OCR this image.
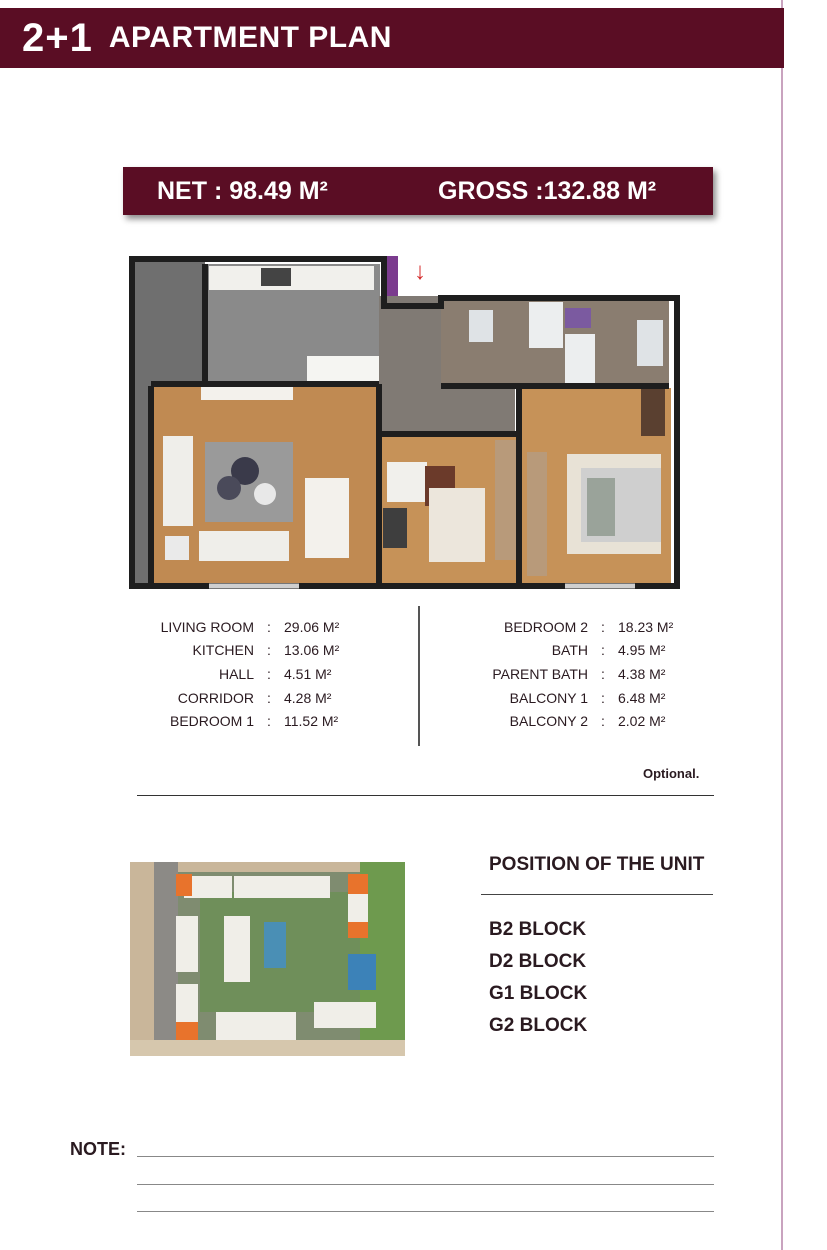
2+1 APARTMENT PLAN
NET : 98.49 M²	GROSS :132.88 M²
↓
LIVING ROOM : 29.06 M²
KITCHEN : 13.06 M²
HALL : 4.51 M²
CORRIDOR : 4.28 M²
BEDROOM 1 : 11.52 M²
BEDROOM 2 : 18.23 M²
BATH : 4.95 M²
PARENT BATH : 4.38 M²
BALCONY 1 : 6.48 M²
BALCONY 2 : 2.02 M²
Optional.
POSITION OF THE UNIT
B2 BLOCK
D2 BLOCK
G1 BLOCK
G2 BLOCK
NOTE:
